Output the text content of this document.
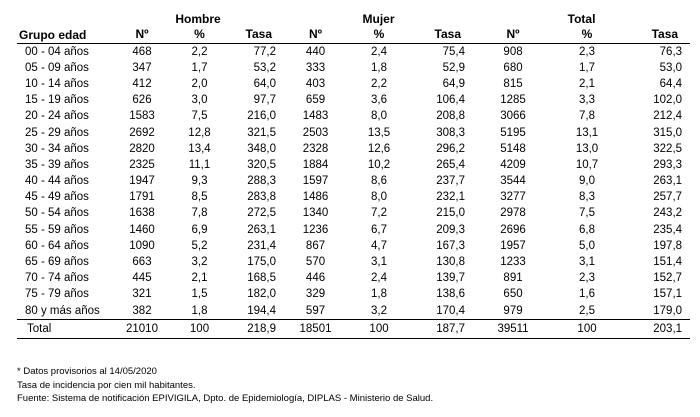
Grupo edad	Hombre			Mujer			Total		
	Nº	%	Tasa	Nº	%	Tasa	Nº	%	Tasa
00 - 04 años	468	2,2	77,2	440	2,4	75,4	908	2,3	76,3
05 - 09 años	347	1,7	53,2	333	1,8	52,9	680	1,7	53,0
10 - 14 años	412	2,0	64,0	403	2,2	64,9	815	2,1	64,4
15 - 19 años	626	3,0	97,7	659	3,6	106,4	1285	3,3	102,0
20 - 24 años	1583	7,5	216,0	1483	8,0	208,8	3066	7,8	212,4
25 - 29 años	2692	12,8	321,5	2503	13,5	308,3	5195	13,1	315,0
30 - 34 años	2820	13,4	348,0	2328	12,6	296,2	5148	13,0	322,5
35 - 39 años	2325	11,1	320,5	1884	10,2	265,4	4209	10,7	293,3
40 - 44 años	1947	9,3	288,3	1597	8,6	237,7	3544	9,0	263,1
45 - 49 años	1791	8,5	283,8	1486	8,0	232,1	3277	8,3	257,7
50 - 54 años	1638	7,8	272,5	1340	7,2	215,0	2978	7,5	243,2
55 - 59 años	1460	6,9	263,1	1236	6,7	209,3	2696	6,8	235,4
60 - 64 años	1090	5,2	231,4	867	4,7	167,3	1957	5,0	197,8
65 - 69 años	663	3,2	175,0	570	3,1	130,8	1233	3,1	151,4
70 - 74 años	445	2,1	168,5	446	2,4	139,7	891	2,3	152,7
75 - 79 años	321	1,5	182,0	329	1,8	138,6	650	1,6	157,1
80 y más años	382	1,8	194,4	597	3,2	170,4	979	2,5	179,0
Total	21010	100	218,9	18501	100	187,7	39511	100	203,1
* Datos provisorios al 14/05/2020
Tasa de incidencia por cien mil habitantes.
Fuente: Sistema de notificación EPIVIGILA, Dpto. de Epidemiología, DIPLAS - Ministerio de Salud.
